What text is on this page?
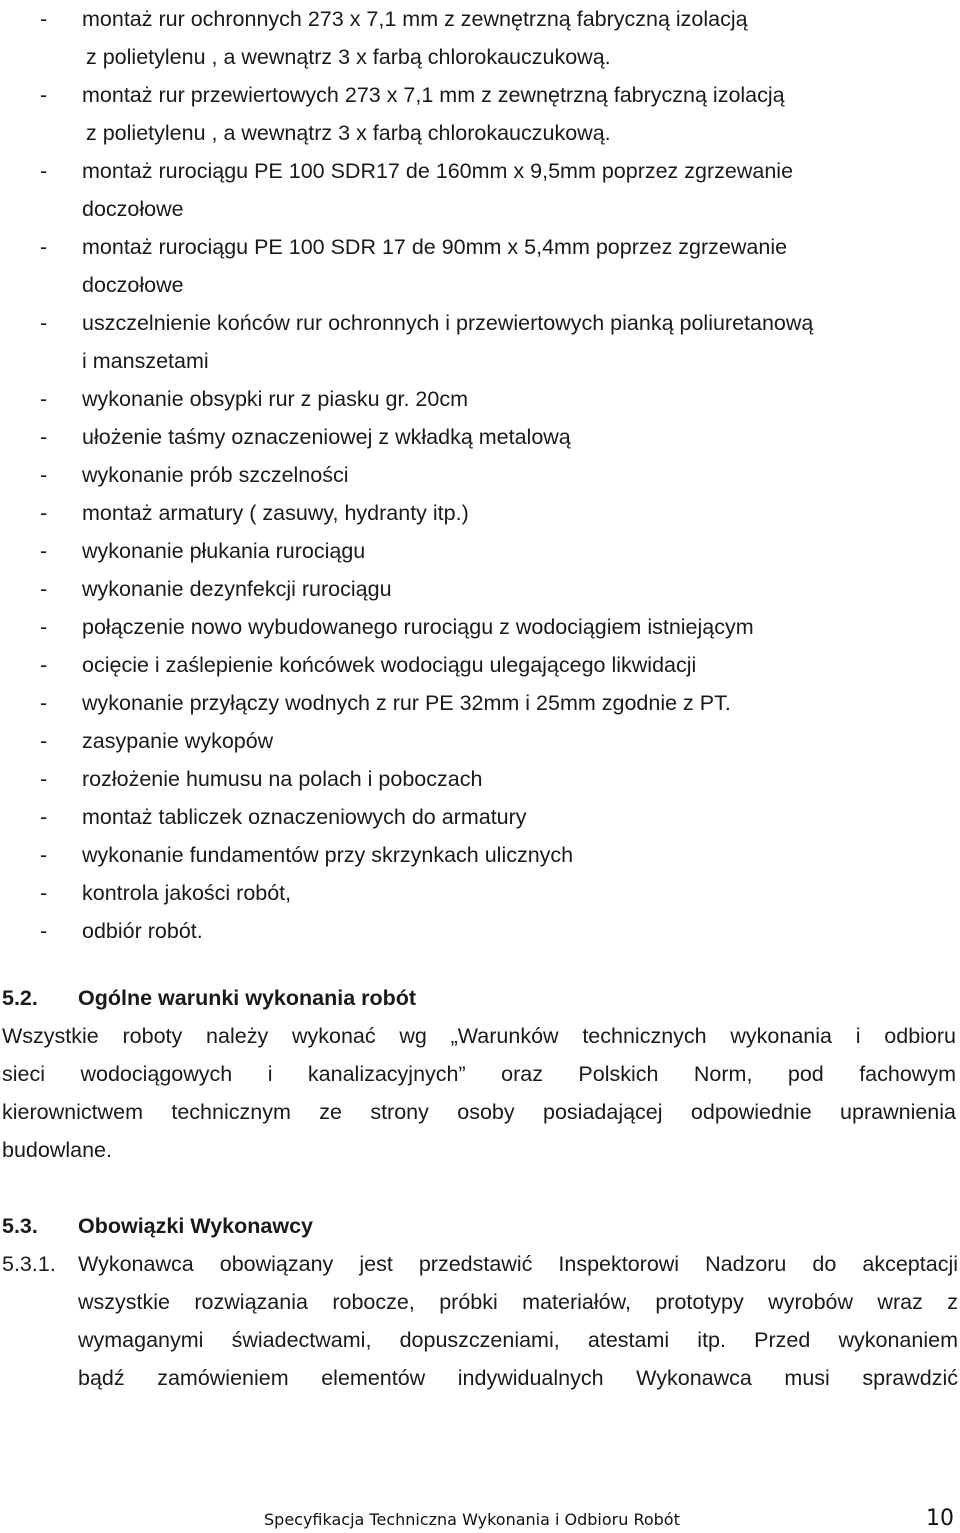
- montaż rur ochronnych 273 x 7,1 mm z zewnętrzną fabryczną izolacją
z polietylenu , a wewnątrz 3 x farbą chlorokauczukową.
- montaż rur przewiertowych 273 x 7,1 mm z zewnętrzną fabryczną izolacją
z polietylenu , a wewnątrz 3 x farbą chlorokauczukową.
- montaż rurociągu PE 100 SDR17 de 160mm x 9,5mm poprzez zgrzewanie
doczołowe
- montaż rurociągu PE 100 SDR 17 de 90mm x 5,4mm poprzez zgrzewanie
doczołowe
- uszczelnienie końców rur ochronnych i przewiertowych pianką poliuretanową
i manszetami
- wykonanie obsypki rur z piasku gr. 20cm
- ułożenie taśmy oznaczeniowej z wkładką metalową
- wykonanie prób szczelności
- montaż armatury ( zasuwy, hydranty itp.)
- wykonanie płukania rurociągu
- wykonanie dezynfekcji rurociągu
- połączenie nowo wybudowanego rurociągu z wodociągiem istniejącym
- ocięcie i zaślepienie końcówek wodociągu ulegającego likwidacji
- wykonanie przyłączy wodnych z rur PE 32mm i 25mm zgodnie z PT.
- zasypanie wykopów
- rozłożenie humusu na polach i poboczach
- montaż tabliczek oznaczeniowych do armatury
- wykonanie fundamentów przy skrzynkach ulicznych
- kontrola jakości robót,
- odbiór robót.
5.2. Ogólne warunki wykonania robót
Wszystkie roboty należy wykonać wg „Warunków technicznych wykonania i odbioru
sieci wodociągowych i kanalizacyjnych” oraz Polskich Norm, pod fachowym
kierownictwem technicznym ze strony osoby posiadającej odpowiednie uprawnienia
budowlane.
5.3. Obowiązki Wykonawcy
5.3.1. Wykonawca obowiązany jest przedstawić Inspektorowi Nadzoru do akceptacji
wszystkie rozwiązania robocze, próbki materiałów, prototypy wyrobów wraz z
wymaganymi świadectwami, dopuszczeniami, atestami itp. Przed wykonaniem
bądź zamówieniem elementów indywidualnych Wykonawca musi sprawdzić
Specyfikacja Techniczna Wykonania i Odbioru Robót	10
